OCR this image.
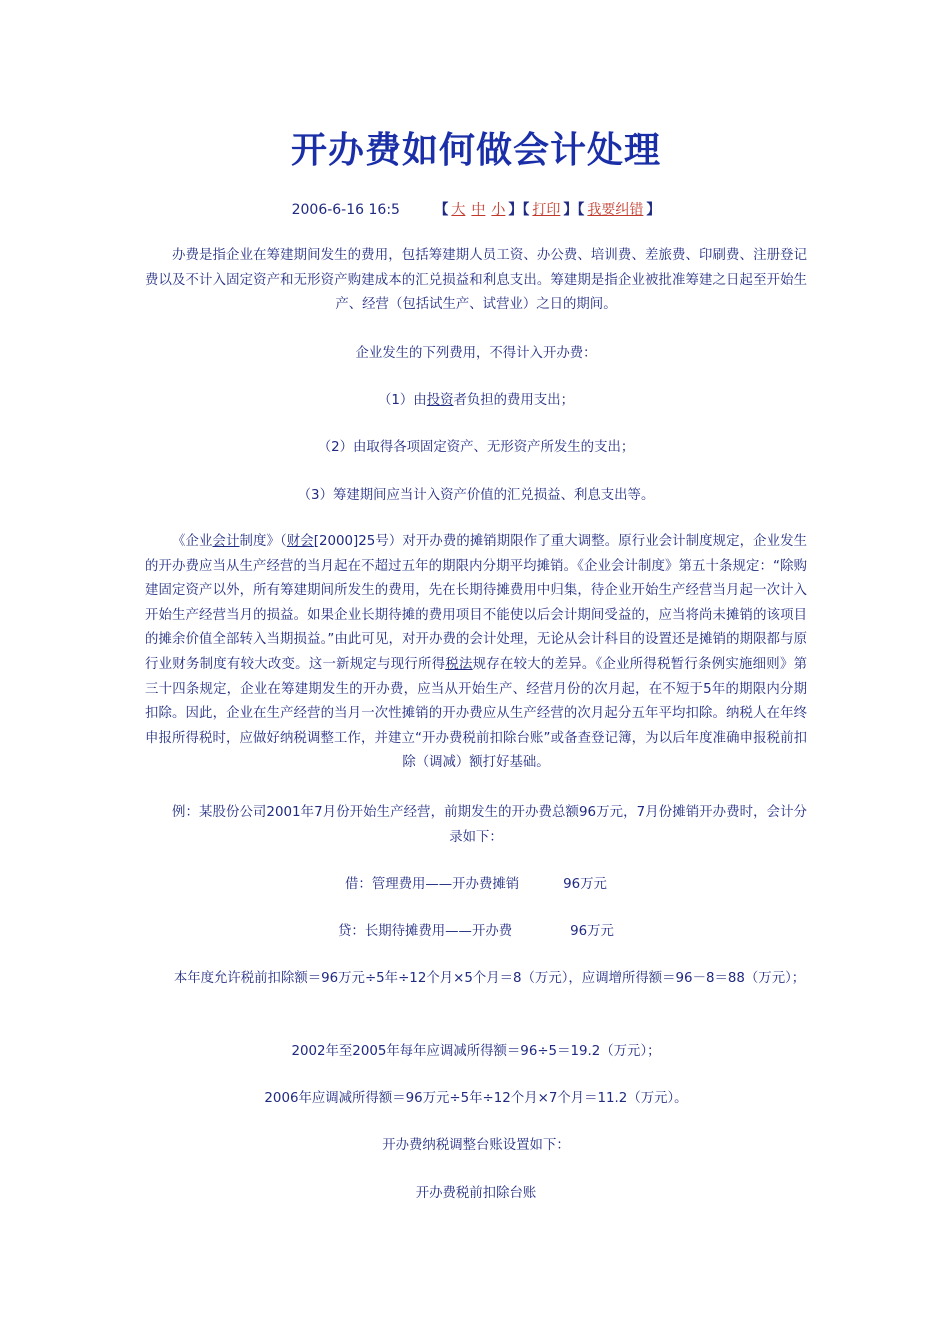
开办费如何做会计处理
2006-6-16 16:5 【 大 中 小 】【 打印 】【 我要纠错 】

办费是指企业在筹建期间发生的费用，包括筹建期人员工资、办公费、培训费、差旅费、印刷费、注册登记费以及不计入固定资产和无形资产购建成本的汇兑损益和利息支出。筹建期是指企业被批准筹建之日起至开始生产、经营（包括试生产、试营业）之日的期间。

企业发生的下列费用，不得计入开办费：

（1）由投资者负担的费用支出；

（2）由取得各项固定资产、无形资产所发生的支出；

（3）筹建期间应当计入资产价值的汇兑损益、利息支出等。

《企业会计制度》（财会[2000]25号）对开办费的摊销期限作了重大调整。原行业会计制度规定，企业发生的开办费应当从生产经营的当月起在不超过五年的期限内分期平均摊销。《企业会计制度》第五十条规定：“除购建固定资产以外，所有筹建期间所发生的费用，先在长期待摊费用中归集，待企业开始生产经营当月起一次计入开始生产经营当月的损益。如果企业长期待摊的费用项目不能使以后会计期间受益的，应当将尚未摊销的该项目的摊余价值全部转入当期损益。”由此可见，对开办费的会计处理，无论从会计科目的设置还是摊销的期限都与原行业财务制度有较大改变。这一新规定与现行所得税法规存在较大的差异。《企业所得税暂行条例实施细则》第三十四条规定，企业在筹建期发生的开办费，应当从开始生产、经营月份的次月起，在不短于5年的期限内分期扣除。因此，企业在生产经营的当月一次性摊销的开办费应从生产经营的次月起分五年平均扣除。纳税人在年终申报所得税时，应做好纳税调整工作，并建立“开办费税前扣除台账”或备查登记簿，为以后年度准确申报税前扣除（调减）额打好基础。

例：某股份公司2001年7月份开始生产经营，前期发生的开办费总额96万元，7月份摊销开办费时，会计分录如下：

借：管理费用——开办费摊销	96万元

贷：长期待摊费用——开办费	96万元

本年度允许税前扣除额＝96万元÷5年÷12个月×5个月＝8（万元），应调增所得额＝96－8＝88（万元）；

2002年至2005年每年应调减所得额＝96÷5＝19.2（万元）；

2006年应调减所得额＝96万元÷5年÷12个月×7个月＝11.2（万元）。

开办费纳税调整台账设置如下：

开办费税前扣除台账
